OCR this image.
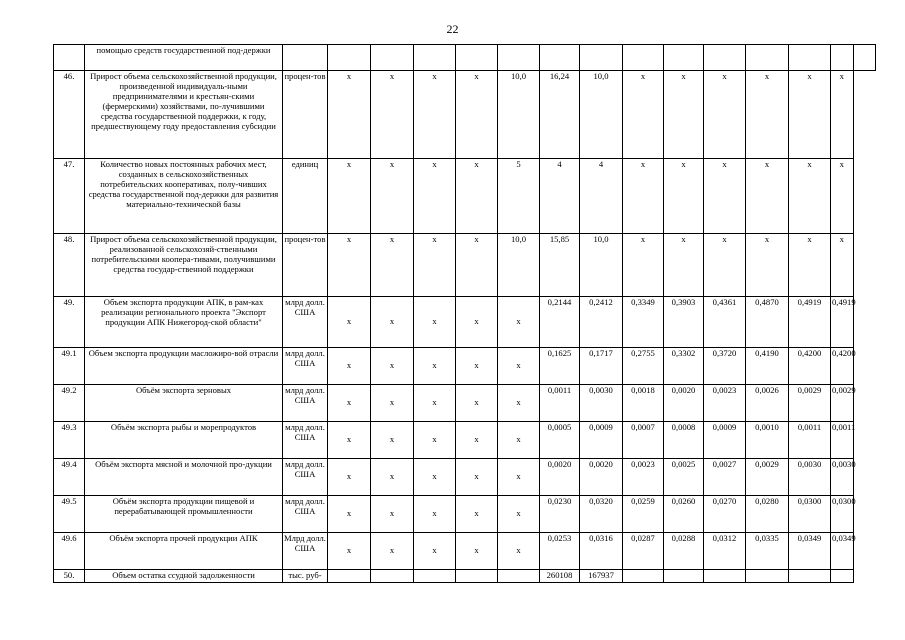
22
	помощью средств государственной под-держки															
46.	Прирост объема сельскохозяйственной продукции, произведенной индивидуаль-ными предпринимателями и крестьян-скими (фермерскими) хозяйствами, по-лучившими средства государственной поддержки, к году, предшествующему году предоставления субсидии	процен-тов	х	х	х	х	10,0	16,24	10,0	х	х	х	х	х	х	
47.	Количество новых постоянных рабочих мест, созданных в сельскохозяйственных потребительских кооперативах, полу-чивших средства государственной под-держки для развития материально-технической базы	единиц	х	х	х	х	5	4	4	х	х	х	х	х	х	
48.	Прирост объема сельскохозяйственной продукции, реализованной сельскохозяй-ственными потребительскими коопера-тивами, получившими средства государ-ственной поддержки	процен-тов	х	х	х	х	10,0	15,85	10,0	х	х	х	х	х	х	
49.	Объем экспорта продукции АПК, в рам-ках реализации регионального проекта "Экспорт продукции АПК Нижегород-ской области"	млрд долл. США	х	х	х	х	х	0,2144	0,2412	0,3349	0,3903	0,4361	0,4870	0,4919	0,4919	
49.1	Объем экспорта продукции масложиро-вой отрасли	млрд долл. США	х	х	х	х	х	0,1625	0,1717	0,2755	0,3302	0,3720	0,4190	0,4200	0,4200	
49.2	Объём экспорта зерновых	млрд долл. США	х	х	х	х	х	0,0011	0,0030	0,0018	0,0020	0,0023	0,0026	0,0029	0,0029	
49.3	Объём экспорта рыбы и морепродуктов	млрд долл. США	х	х	х	х	х	0,0005	0,0009	0,0007	0,0008	0,0009	0,0010	0,0011	0,0011	
49.4	Объём экспорта мясной и молочной про-дукции	млрд долл. США	х	х	х	х	х	0,0020	0,0020	0,0023	0,0025	0,0027	0,0029	0,0030	0,0030	
49.5	Объём экспорта продукции пищевой и перерабатывающей промышленности	млрд долл. США	х	х	х	х	х	0,0230	0,0320	0,0259	0,0260	0,0270	0,0280	0,0300	0,0300	
49.6	Объём экспорта прочей продукции АПК	Млрд долл. США	х	х	х	х	х	0,0253	0,0316	0,0287	0,0288	0,0312	0,0335	0,0349	0,0349	
50.	Объем остатка ссудной задолженности	тыс. руб-						260108	167937							
